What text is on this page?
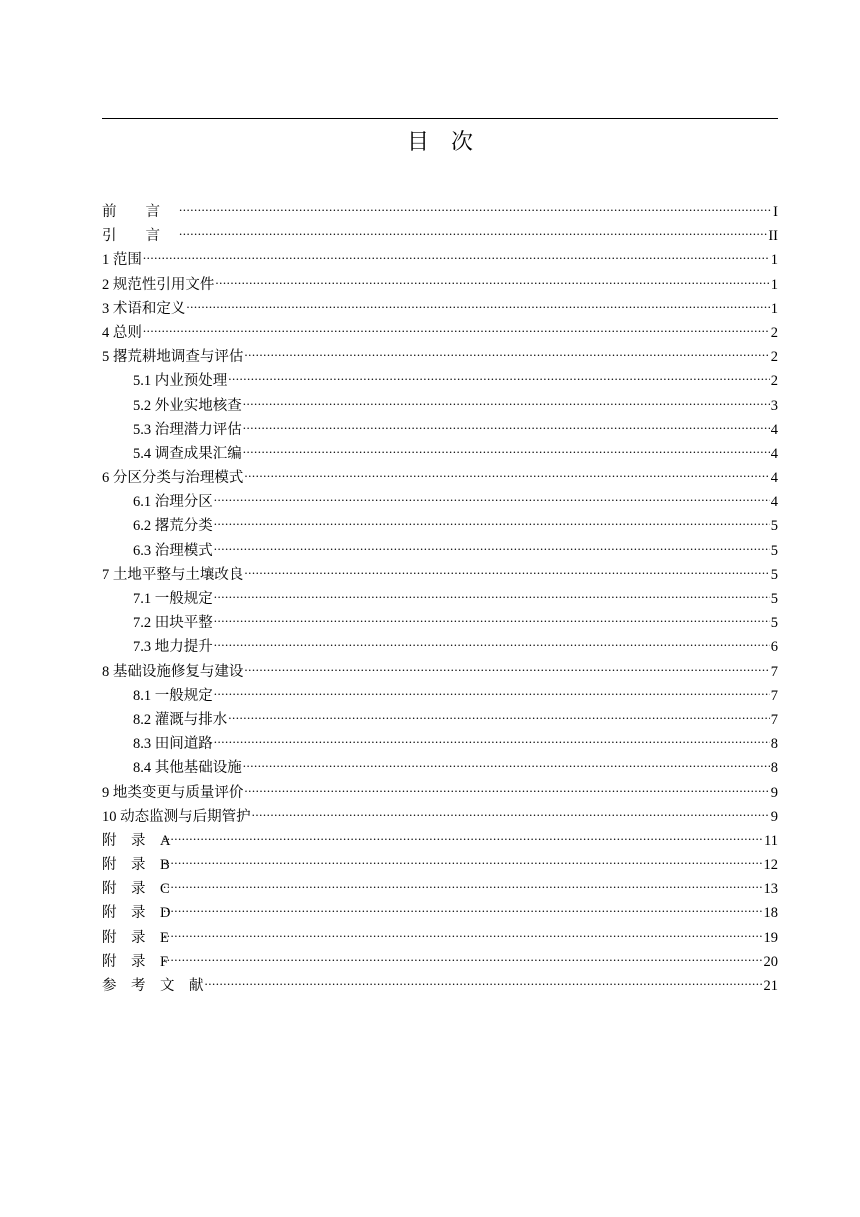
目　次
前　　言 .....	I
引　　言 .....	II
1 范围 .....	1
2 规范性引用文件 .....	1
3 术语和定义 .....	1
4 总则 .....	2
5 撂荒耕地调查与评估 .....	2
5.1 内业预处理 .....	2
5.2 外业实地核查 .....	3
5.3 治理潜力评估 .....	4
5.4 调查成果汇编 .....	4
6 分区分类与治理模式 .....	4
6.1 治理分区 .....	4
6.2 撂荒分类 .....	5
6.3 治理模式 .....	5
7 土地平整与土壤改良 .....	5
7.1 一般规定 .....	5
7.2 田块平整 .....	5
7.3 地力提升 .....	6
8 基础设施修复与建设 .....	7
8.1 一般规定 .....	7
8.2 灌溉与排水 .....	7
8.3 田间道路 .....	8
8.4 其他基础设施 .....	8
9 地类变更与质量评价 .....	9
10 动态监测与后期管护 .....	9
附　录　A .....	11
附　录　B .....	12
附　录　C .....	13
附　录　D .....	18
附　录　E .....	19
附　录　F .....	20
参　考　文　献 .....	21
